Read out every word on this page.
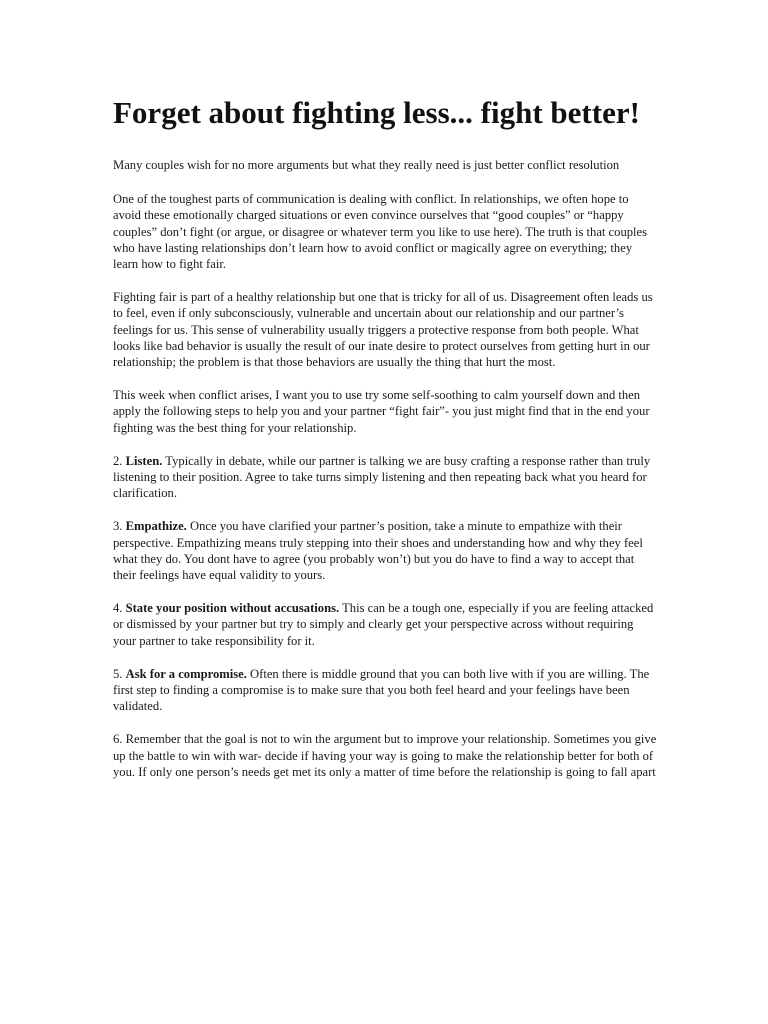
Forget about fighting less... fight better!

Many couples wish for no more arguments but what they really need is just better conflict resolution

One of the toughest parts of communication is dealing with conflict. In relationships, we often hope to avoid these emotionally charged situations or even convince ourselves that “good couples” or “happy couples” don’t fight (or argue, or disagree or whatever term you like to use here). The truth is that couples who have lasting relationships don’t learn how to avoid conflict or magically agree on everything; they learn how to fight fair.

Fighting fair is part of a healthy relationship but one that is tricky for all of us. Disagreement often leads us to feel, even if only subconsciously, vulnerable and uncertain about our relationship and our partner’s feelings for us. This sense of vulnerability usually triggers a protective response from both people. What looks like bad behavior is usually the result of our inate desire to protect ourselves from getting hurt in our relationship; the problem is that those behaviors are usually the thing that hurt the most.

This week when conflict arises, I want you to use try some self-soothing to calm yourself down and then apply the following steps to help you and your partner “fight fair”- you just might find that in the end your fighting was the best thing for your relationship.

2. Listen. Typically in debate, while our partner is talking we are busy crafting a response rather than truly listening to their position. Agree to take turns simply listening and then repeating back what you heard for clarification.

3. Empathize. Once you have clarified your partner’s position, take a minute to empathize with their perspective. Empathizing means truly stepping into their shoes and understanding how and why they feel what they do. You dont have to agree (you probably won’t) but you do have to find a way to accept that their feelings have equal validity to yours.

4. State your position without accusations. This can be a tough one, especially if you are feeling attacked or dismissed by your partner but try to simply and clearly get your perspective across without requiring your partner to take responsibility for it.

5. Ask for a compromise. Often there is middle ground that you can both live with if you are willing. The first step to finding a compromise is to make sure that you both feel heard and your feelings have been validated.

6. Remember that the goal is not to win the argument but to improve your relationship. Sometimes you give up the battle to win with war- decide if having your way is going to make the relationship better for both of you. If only one person’s needs get met its only a matter of time before the relationship is going to fall apart
